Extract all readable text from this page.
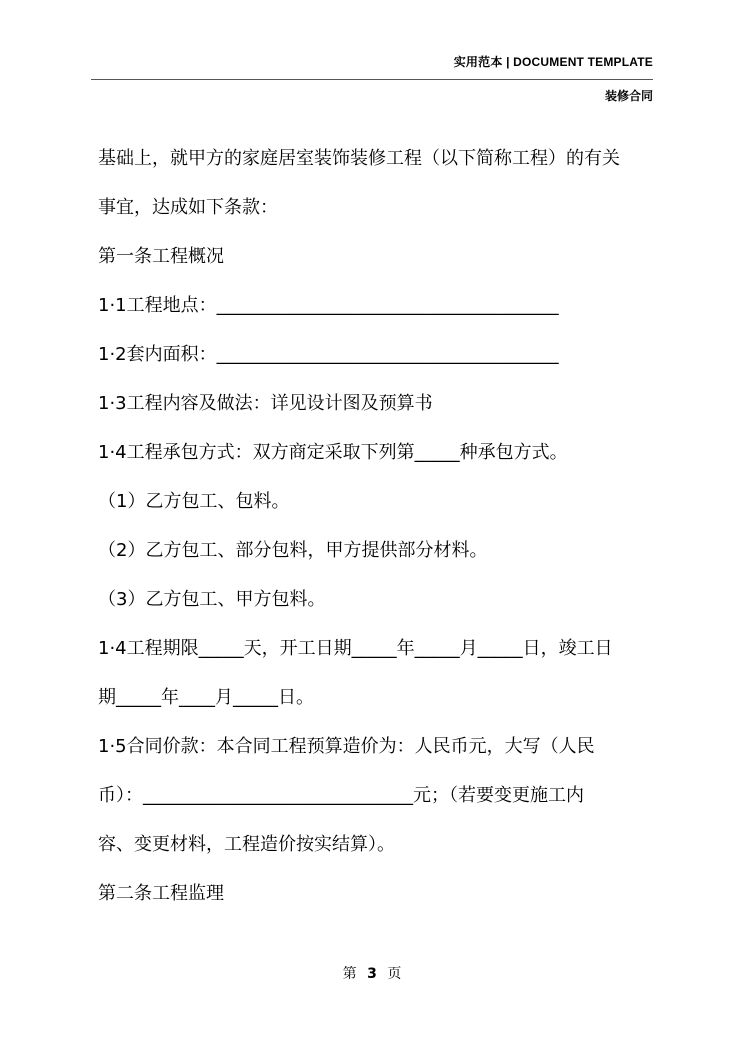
实用范本 | DOCUMENT TEMPLATE
装修合同
基础上，就甲方的家庭居室装饰装修工程（以下简称工程）的有关
事宜，达成如下条款：
第一条工程概况
1·1工程地点：______________________________________
1·2套内面积：______________________________________
1·3工程内容及做法：详见设计图及预算书
1·4工程承包方式：双方商定采取下列第_____种承包方式。
（1）乙方包工、包料。
（2）乙方包工、部分包料，甲方提供部分材料。
（3）乙方包工、甲方包料。
1·4工程期限_____天，开工日期_____年_____月_____日，竣工日
期_____年____月_____日。
1·5合同价款：本合同工程预算造价为：人民币元，大写（人民
币）：______________________________元；（若要变更施工内
容、变更材料，工程造价按实结算）。
第二条工程监理
第 3 页
